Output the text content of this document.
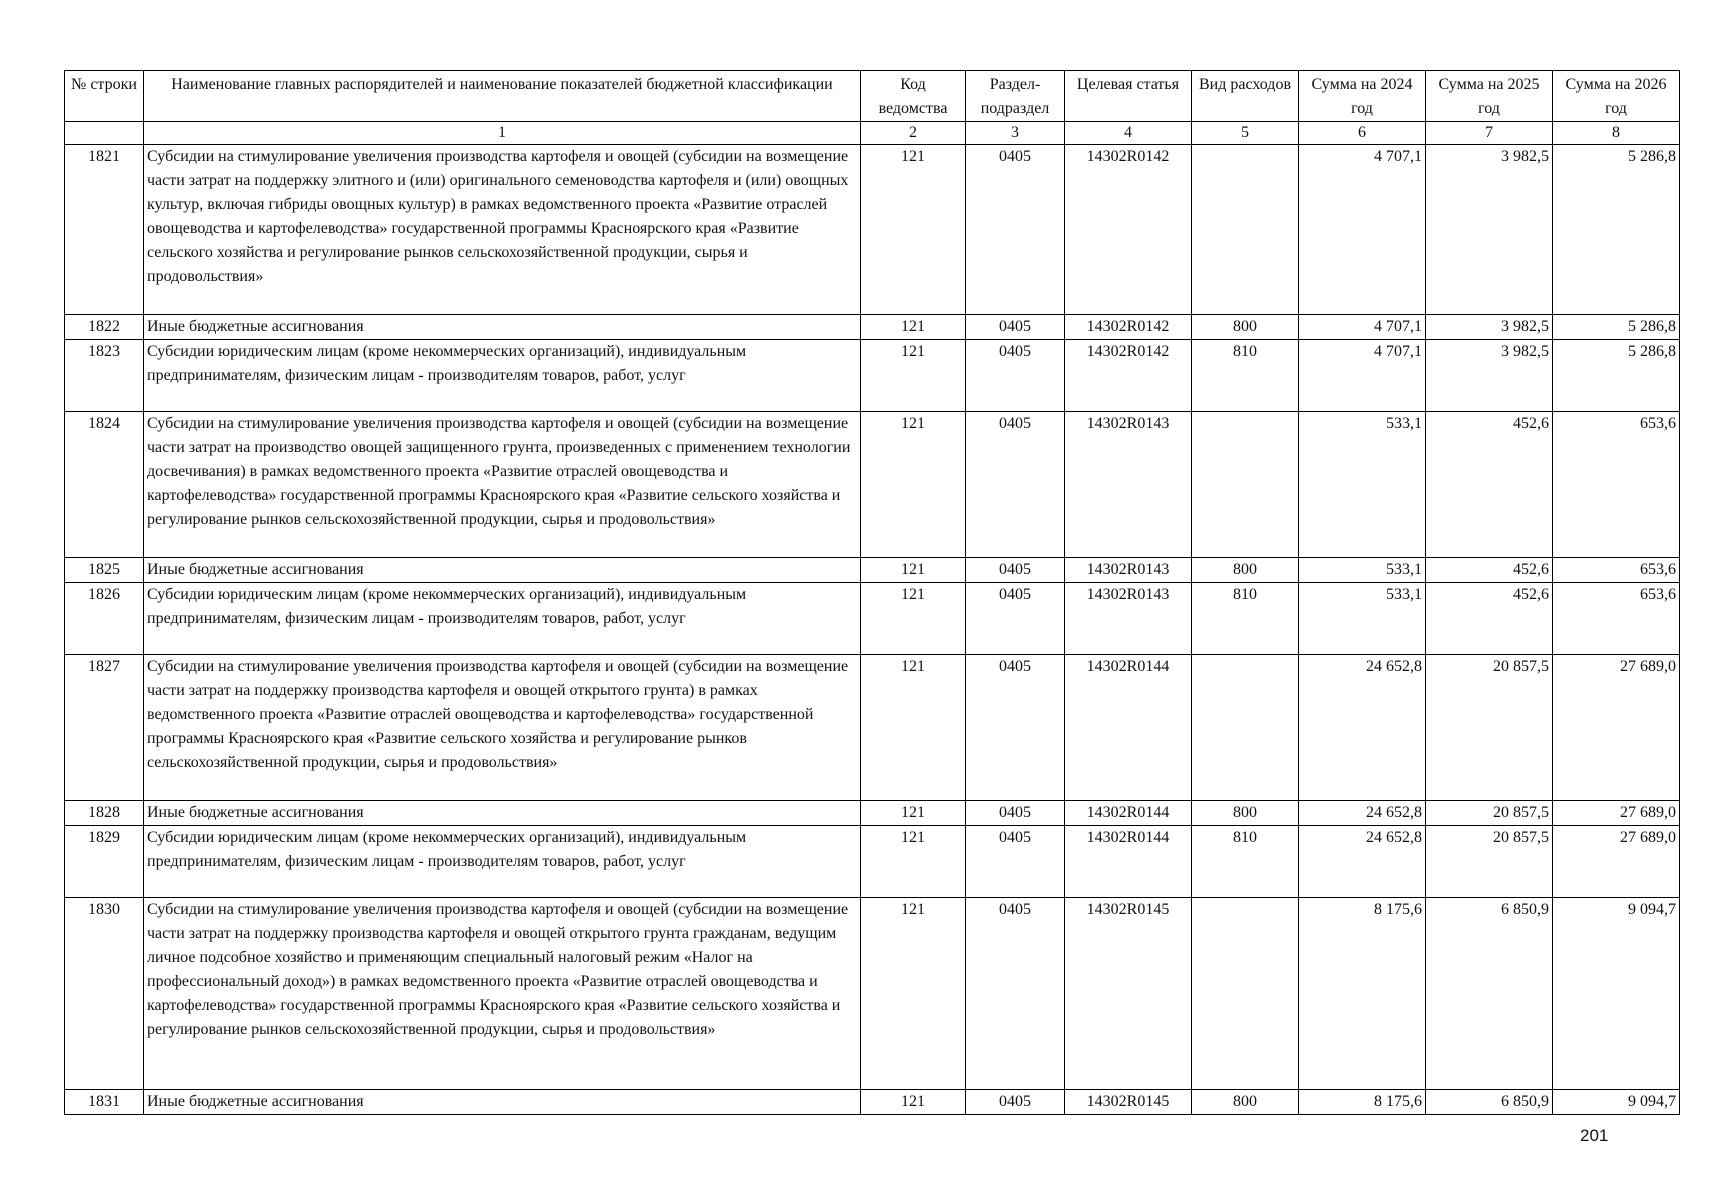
№ строки	Наименование главных распорядителей и наименование показателей бюджетной классификации	Код ведомства	Раздел-подраздел	Целевая статья	Вид расходов	Сумма на 2024 год	Сумма на 2025 год	Сумма на 2026 год
	1	2	3	4	5	6	7	8
1821	Субсидии на стимулирование увеличения производства картофеля и овощей (субсидии на возмещение части затрат на поддержку элитного и (или) оригинального семеноводства картофеля и (или) овощных культур, включая гибриды овощных культур) в рамках ведомственного проекта «Развитие отраслей овощеводства и картофелеводства» государственной программы Красноярского края «Развитие сельского хозяйства и регулирование рынков сельскохозяйственной продукции, сырья и продовольствия»	121	0405	14302R0142		4 707,1	3 982,5	5 286,8
1822	Иные бюджетные ассигнования	121	0405	14302R0142	800	4 707,1	3 982,5	5 286,8
1823	Субсидии юридическим лицам (кроме некоммерческих организаций), индивидуальным предпринимателям, физическим лицам - производителям товаров, работ, услуг	121	0405	14302R0142	810	4 707,1	3 982,5	5 286,8
1824	Субсидии на стимулирование увеличения производства картофеля и овощей (субсидии на возмещение части затрат на производство овощей защищенного грунта, произведенных с применением технологии досвечивания) в рамках ведомственного проекта «Развитие отраслей овощеводства и картофелеводства» государственной программы Красноярского края «Развитие сельского хозяйства и регулирование рынков сельскохозяйственной продукции, сырья и продовольствия»	121	0405	14302R0143		533,1	452,6	653,6
1825	Иные бюджетные ассигнования	121	0405	14302R0143	800	533,1	452,6	653,6
1826	Субсидии юридическим лицам (кроме некоммерческих организаций), индивидуальным предпринимателям, физическим лицам - производителям товаров, работ, услуг	121	0405	14302R0143	810	533,1	452,6	653,6
1827	Субсидии на стимулирование увеличения производства картофеля и овощей (субсидии на возмещение части затрат на поддержку производства картофеля и овощей открытого грунта) в рамках ведомственного проекта «Развитие отраслей овощеводства и картофелеводства» государственной программы Красноярского края «Развитие сельского хозяйства и регулирование рынков сельскохозяйственной продукции, сырья и продовольствия»	121	0405	14302R0144		24 652,8	20 857,5	27 689,0
1828	Иные бюджетные ассигнования	121	0405	14302R0144	800	24 652,8	20 857,5	27 689,0
1829	Субсидии юридическим лицам (кроме некоммерческих организаций), индивидуальным предпринимателям, физическим лицам - производителям товаров, работ, услуг	121	0405	14302R0144	810	24 652,8	20 857,5	27 689,0
1830	Субсидии на стимулирование увеличения производства картофеля и овощей (субсидии на возмещение части затрат на поддержку производства картофеля и овощей открытого грунта гражданам, ведущим личное подсобное хозяйство и применяющим специальный налоговый режим «Налог на профессиональный доход») в рамках ведомственного проекта «Развитие отраслей овощеводства и картофелеводства» государственной программы Красноярского края «Развитие сельского хозяйства и регулирование рынков сельскохозяйственной продукции, сырья и продовольствия»	121	0405	14302R0145		8 175,6	6 850,9	9 094,7
1831	Иные бюджетные ассигнования	121	0405	14302R0145	800	8 175,6	6 850,9	9 094,7
201
